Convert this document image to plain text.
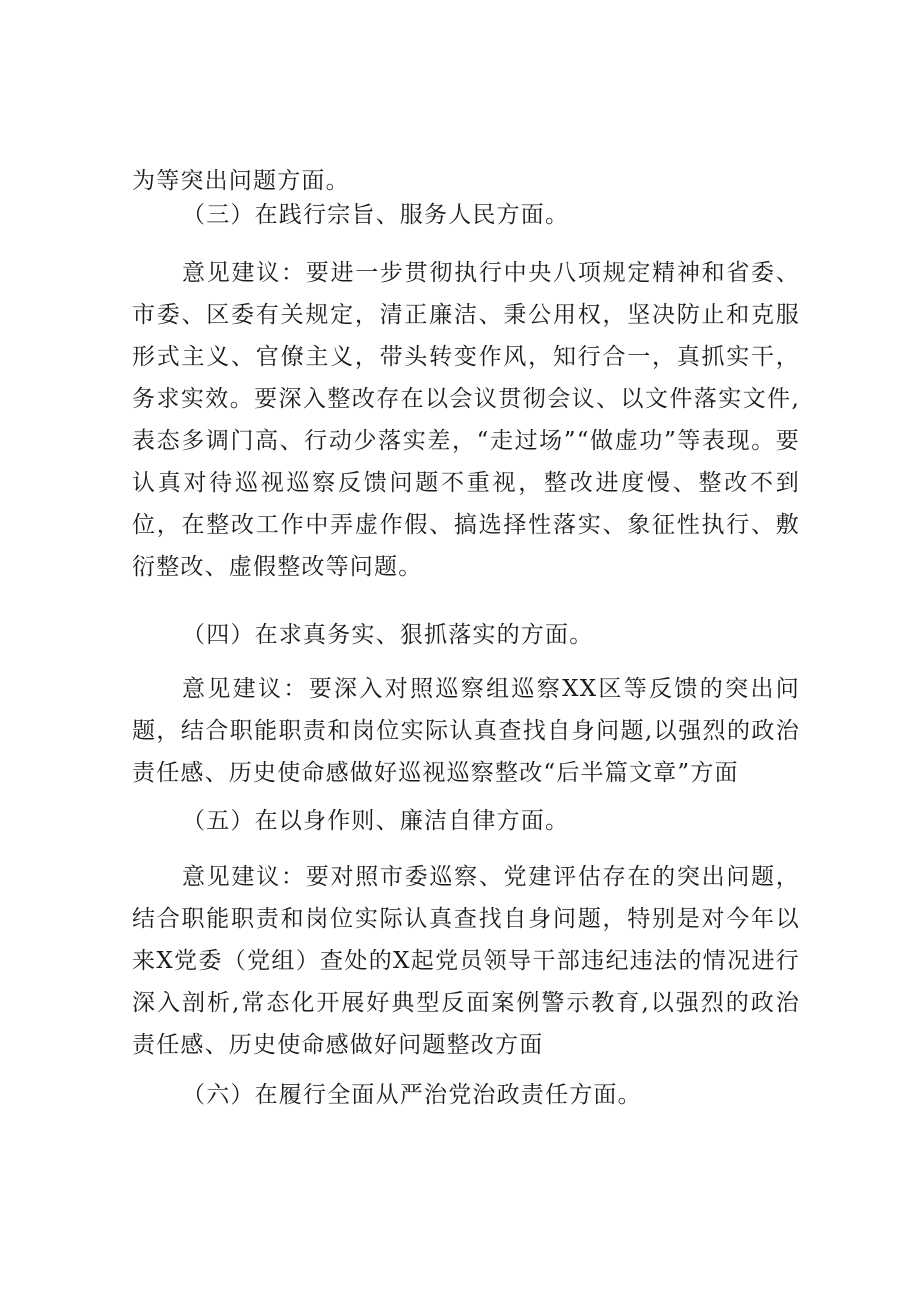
为等突出问题方面。

（三）在践行宗旨、服务人民方面。

意见建议：要进一步贯彻执行中央八项规定精神和省委、市委、区委有关规定，清正廉洁、秉公用权，坚决防止和克服形式主义、官僚主义，带头转变作风，知行合一，真抓实干，务求实效。要深入整改存在以会议贯彻会议、以文件落实文件,表态多调门高、行动少落实差，“走过场”“做虚功”等表现。要认真对待巡视巡察反馈问题不重视，整改进度慢、整改不到位，在整改工作中弄虚作假、搞选择性落实、象征性执行、敷衍整改、虚假整改等问题。

（四）在求真务实、狠抓落实的方面。

意见建议：要深入对照巡察组巡察XX区等反馈的突出问题，结合职能职责和岗位实际认真查找自身问题,以强烈的政治责任感、历史使命感做好巡视巡察整改“后半篇文章”方面

（五）在以身作则、廉洁自律方面。

意见建议：要对照市委巡察、党建评估存在的突出问题，结合职能职责和岗位实际认真查找自身问题，特别是对今年以来X党委（党组）查处的X起党员领导干部违纪违法的情况进行深入剖析,常态化开展好典型反面案例警示教育,以强烈的政治责任感、历史使命感做好问题整改方面

（六）在履行全面从严治党治政责任方面。
